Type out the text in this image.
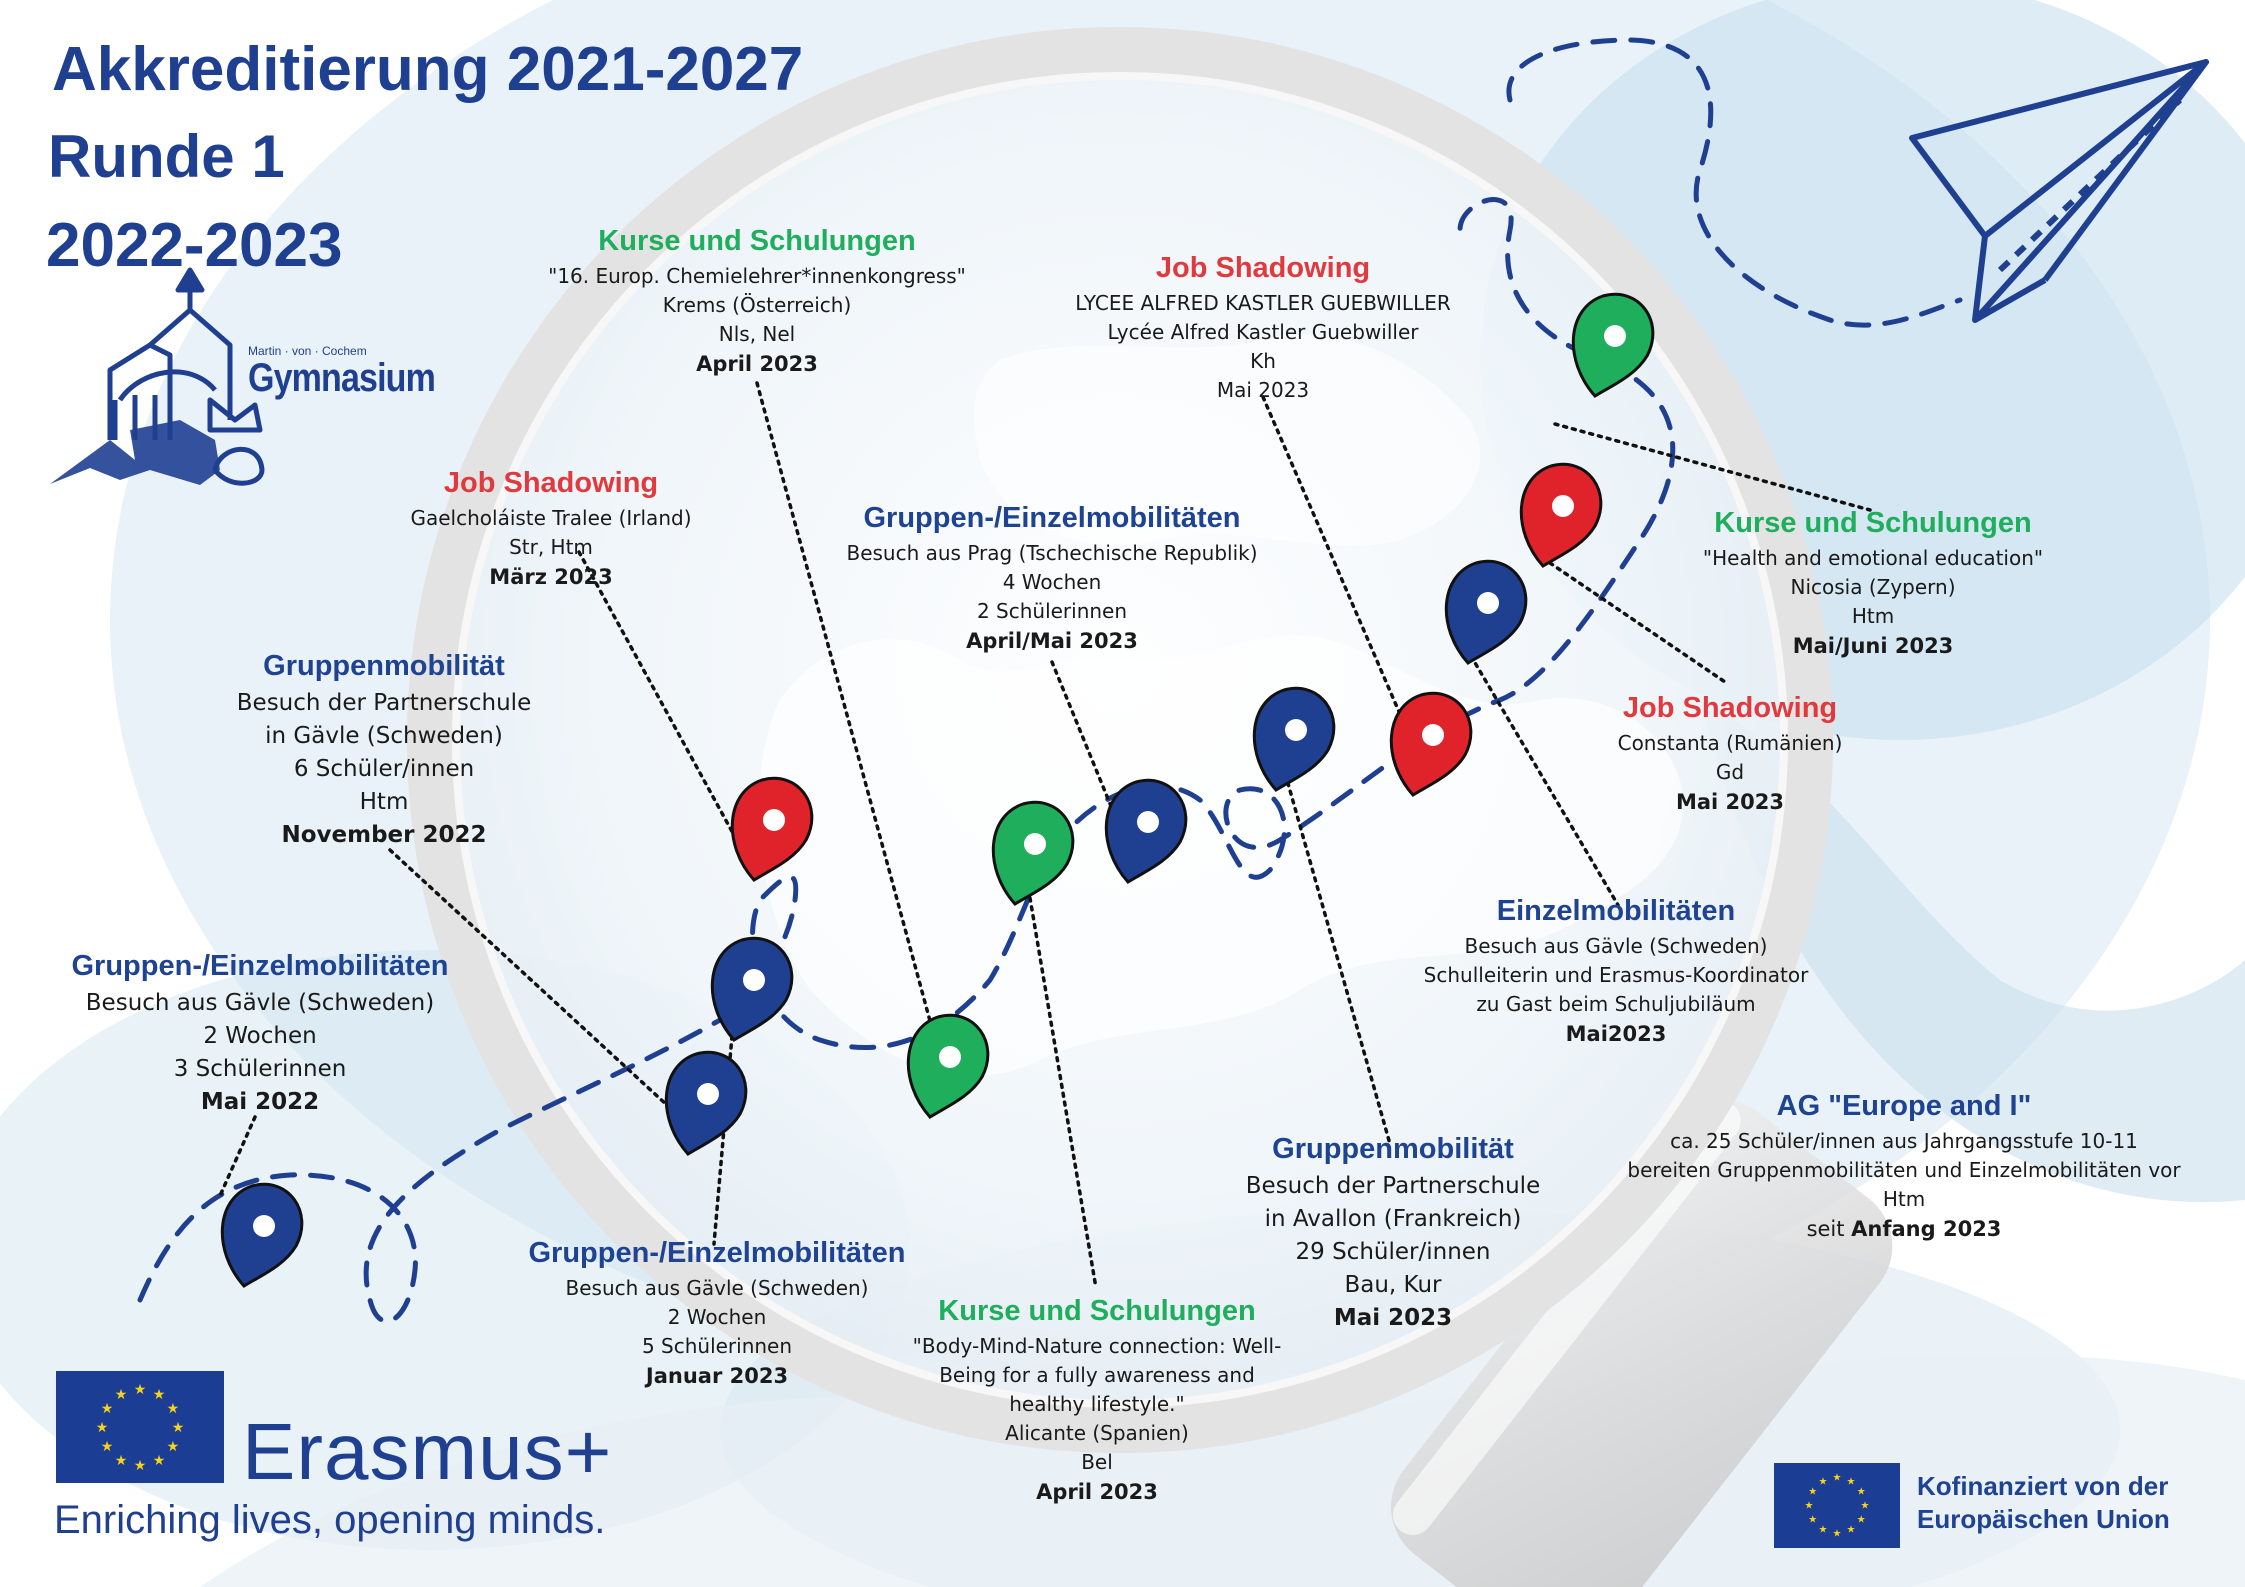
★
★
★
★
★
★
★
★
★ ★ ★
★
★
★
★
★
★
★
★
★
★ ★ ★
★
Akkreditierung 2021-2027
Runde 1
2022-2023
Martin · von · Cochem
Gymnasium
Kurse und Schulungen
"16. Europ. Chemielehrer*innenkongress"
Krems (Österreich)
Nls, Nel
April 2023
Job Shadowing
LYCEE ALFRED KASTLER GUEBWILLER
Lycée Alfred Kastler Guebwiller
Kh
Mai 2023
Job Shadowing
Gaelcholáiste Tralee (Irland)
Str, Htm
März 2023
Gruppen-/Einzelmobilitäten
Besuch aus Prag (Tschechische Republik)
4 Wochen
2 Schülerinnen
April/Mai 2023
Kurse und Schulungen
"Health and emotional education"
Nicosia (Zypern)
Htm
Mai/Juni 2023
Gruppenmobilität
Besuch der Partnerschule
in Gävle (Schweden)
6 Schüler/innen
Htm
November 2022
Job Shadowing
Constanta (Rumänien)
Gd
Mai 2023
Einzelmobilitäten
Besuch aus Gävle (Schweden)
Schulleiterin und Erasmus-Koordinator
zu Gast beim Schuljubiläum
Mai2023
Gruppen-/Einzelmobilitäten
Besuch aus Gävle (Schweden)
2 Wochen
3 Schülerinnen
Mai 2022	AG "Europe and I"
ca. 25 Schüler/innen aus Jahrgangsstufe 10-11
bereiten Gruppenmobilitäten und Einzelmobilitäten vor
Htm
seit Anfang 2023
Gruppenmobilität
Besuch der Partnerschule
in Avallon (Frankreich)
29 Schüler/innen
Bau, Kur
Mai 2023
Gruppen-/Einzelmobilitäten
Besuch aus Gävle (Schweden)
2 Wochen
5 Schülerinnen
Januar 2023
Kurse und Schulungen
"Body-Mind-Nature connection: Well-
Being for a fully awareness and
healthy lifestyle."
Alicante (Spanien)
Bel
April 2023
Erasmus+
Enriching lives, opening minds.
Kofinanziert von der
Europäischen Union
